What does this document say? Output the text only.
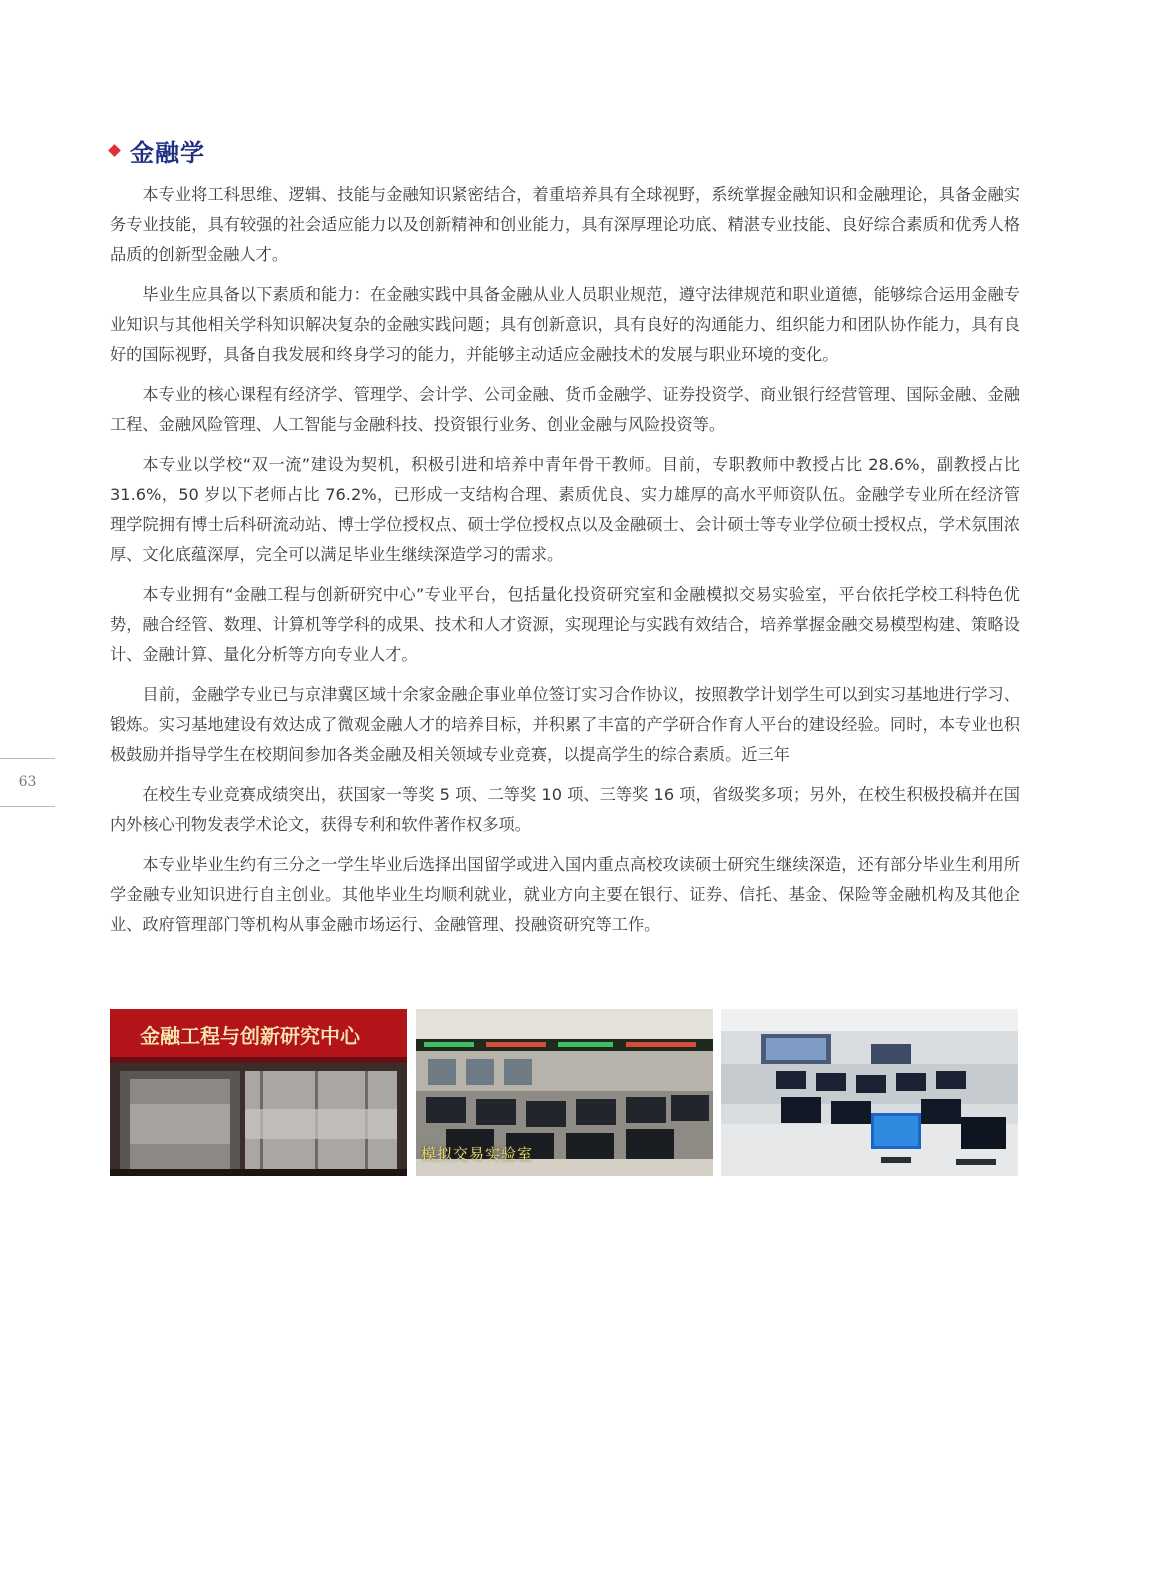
金融学

本专业将工科思维、逻辑、技能与金融知识紧密结合，着重培养具有全球视野，系统掌握金融知识和金融理论，具备金融实务专业技能，具有较强的社会适应能力以及创新精神和创业能力，具有深厚理论功底、精湛专业技能、良好综合素质和优秀人格品质的创新型金融人才。

毕业生应具备以下素质和能力：在金融实践中具备金融从业人员职业规范，遵守法律规范和职业道德，能够综合运用金融专业知识与其他相关学科知识解决复杂的金融实践问题；具有创新意识，具有良好的沟通能力、组织能力和团队协作能力，具有良好的国际视野，具备自我发展和终身学习的能力，并能够主动适应金融技术的发展与职业环境的变化。

本专业的核心课程有经济学、管理学、会计学、公司金融、货币金融学、证券投资学、商业银行经营管理、国际金融、金融工程、金融风险管理、人工智能与金融科技、投资银行业务、创业金融与风险投资等。

本专业以学校“双一流”建设为契机，积极引进和培养中青年骨干教师。目前，专职教师中教授占比 28.6%，副教授占比 31.6%，50 岁以下老师占比 76.2%，已形成一支结构合理、素质优良、实力雄厚的高水平师资队伍。金融学专业所在经济管理学院拥有博士后科研流动站、博士学位授权点、硕士学位授权点以及金融硕士、会计硕士等专业学位硕士授权点，学术氛围浓厚、文化底蕴深厚，完全可以满足毕业生继续深造学习的需求。

本专业拥有“金融工程与创新研究中心”专业平台，包括量化投资研究室和金融模拟交易实验室，平台依托学校工科特色优势，融合经管、数理、计算机等学科的成果、技术和人才资源，实现理论与实践有效结合，培养掌握金融交易模型构建、策略设计、金融计算、量化分析等方向专业人才。

目前，金融学专业已与京津冀区域十余家金融企事业单位签订实习合作协议，按照教学计划学生可以到实习基地进行学习、锻炼。实习基地建设有效达成了微观金融人才的培养目标，并积累了丰富的产学研合作育人平台的建设经验。同时，本专业也积极鼓励并指导学生在校期间参加各类金融及相关领域专业竞赛，以提高学生的综合素质。近三年

在校生专业竞赛成绩突出，获国家一等奖 5 项、二等奖 10 项、三等奖 16 项，省级奖多项；另外，在校生积极投稿并在国内外核心刊物发表学术论文，获得专利和软件著作权多项。

本专业毕业生约有三分之一学生毕业后选择出国留学或进入国内重点高校攻读硕士研究生继续深造，还有部分毕业生利用所学金融专业知识进行自主创业。其他毕业生均顺利就业，就业方向主要在银行、证券、信托、基金、保险等金融机构及其他企业、政府管理部门等机构从事金融市场运行、金融管理、投融资研究等工作。

63
金融工程与创新研究中心
模拟交易实验室
